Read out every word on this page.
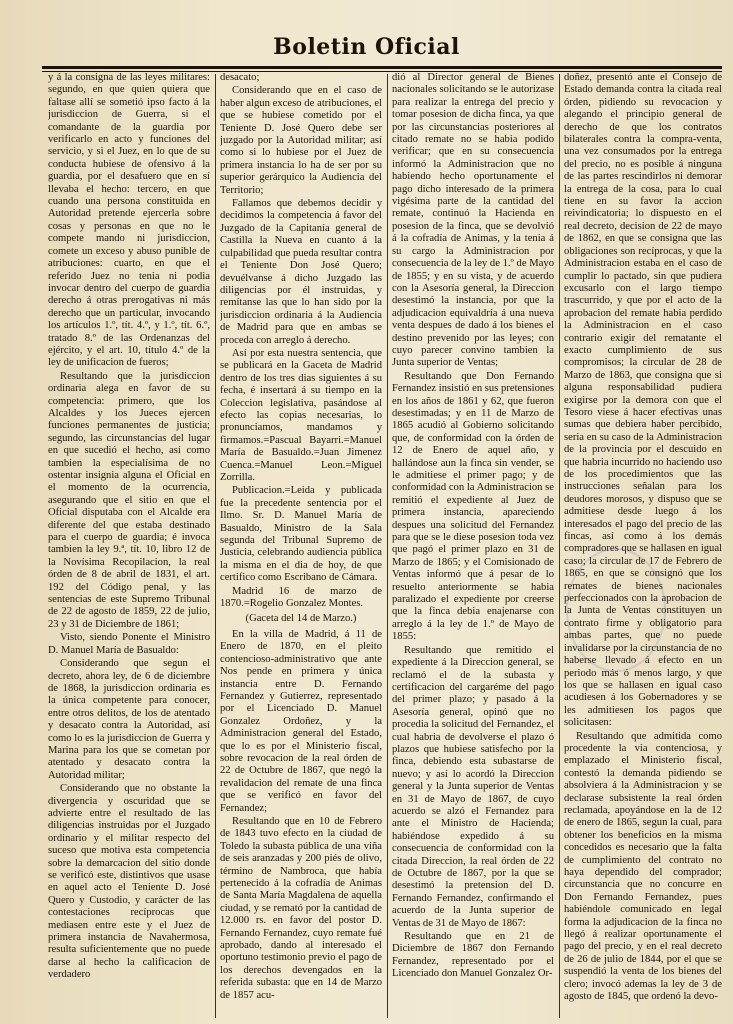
Boletin Oficial

y á la consigna de las leyes militares: segundo, en que quien quiera que faltase allí se sometió ipso facto á la jurisdiccion de Guerra, si el comandante de la guardia por verificarlo en acto y funciones del servicio, y si el Juez, en lo que de su conducta hubiese de ofensivo á la guardia, por el desafuero que en sí llevaba el hecho: tercero, en que cuando una persona constituida en Autoridad pretende ejercerla sobre cosas y personas en que no le compete mando ni jurisdiccion, comete un exceso y abuso punible de atribuciones: cuarto, en que el referido Juez no tenia ni podia invocar dentro del cuerpo de guardia derecho á otras prerogativas ni más derecho que un particular, invocando los artículos 1.º, tít. 4.º, y 1.º, tít. 6.º, tratado 8.º de las Ordenanzas del ejército, y el art. 10, título 4.º de la ley de unificacion de fueros;

Resultando que la jurisdiccion ordinaria alega en favor de su competencia: primero, que los Alcaldes y los Jueces ejercen funciones permanentes de justicia; segundo, las circunstancias del lugar en que sucedió el hecho, así como tambien la especialísima de no ostentar insignia alguna el Oficial en el momento de la ocurrencia, asegurando que el sitio en que el Oficial disputaba con el Alcalde era diferente del que estaba destinado para el cuerpo de guardia; é invoca tambien la ley 9.ª, tít. 10, libro 12 de la Novísima Recopilacion, la real órden de 8 de abril de 1831, el art. 192 del Código penal, y las sentencias de este Supremo Tribunal de 22 de agosto de 1859, 22 de julio, 23 y 31 de Diciembre de 1861;

Visto, siendo Ponente el Ministro D. Manuel María de Basualdo:

Considerando que segun el decreto, ahora ley, de 6 de diciembre de 1868, la jurisdiccion ordinaria es la única competente para conocer, entre otros delitos, de los de atentado y desacato contra la Autoridad, así como lo es la jurisdiccion de Guerra y Marina para los que se cometan por atentado y desacato contra la Autoridad militar;

Considerando que no obstante la divergencia y oscuridad que se advierte entre el resultado de las diligencias instruidas por el Juzgado ordinario y el militar respecto del suceso que motiva esta competencia sobre la demarcacion del sitio donde se verificó este, distintivos que usase en aquel acto el Teniente D. José Quero y Custodio, y carácter de las contestaciones recíprocas que mediasen entre este y el Juez de primera instancia de Navahermosa, resulta suficientemente que no puede darse al hecho la calificacion de verdadero

desacato;

Considerando que en el caso de haber algun exceso de atribuciones, el que se hubiese cometido por el Teniente D. José Quero debe ser juzgado por la Autoridad militar; así como si lo hubiese por el Juez de primera instancia lo ha de ser por su superior gerárquico la Audiencia del Territorio;

Fallamos que debemos decidir y decidimos la competencia á favor del Juzgado de la Capitanía general de Castilla la Nueva en cuanto á la culpabilidad que pueda resultar contra el Teniente Don José Quero; devuélvanse á dicho Juzgado las diligencias por él instruidas, y remítanse las que lo han sido por la jurisdiccion ordinaria á la Audiencia de Madrid para que en ambas se proceda con arreglo á derecho.

Así por esta nuestra sentencia, que se publicará en la Gaceta de Madrid dentro de los tres dias siguientes á su fecha, é insertará á su tiempo en la Coleccion legislativa, pasándose al efecto las copias necesarias, lo pronunciamos, mandamos y firmamos.=Pascual Bayarri.=Manuel María de Basualdo.=Juan Jimenez Cuenca.=Manuel Leon.=Miguel Zorrilla.

Publicacion.=Leida y publicada fue la precedente sentencia por el Ilmo. Sr. D. Manuel María de Basualdo, Ministro de la Sala segunda del Tribunal Supremo de Justicia, celebrando audiencia pública la misma en el dia de hoy, de que certifico como Escribano de Cámara.

Madrid 16 de marzo de 1870.=Rogelio Gonzalez Montes.

(Gaceta del 14 de Marzo.)

En la villa de Madrid, á 11 de Enero de 1870, en el pleito contencioso-administrativo que ante Nos pende en primera y única instancia entre D. Fernando Fernandez y Gutierrez, representado por el Licenciado D. Manuel Gonzalez Ordoñez, y la Administracion general del Estado, que lo es por el Ministerio fiscal, sobre revocacion de la real órden de 22 de Octubre de 1867, que negó la revalidacion del remate de una finca que se verificó en favor del Fernandez;

Resultando que en 10 de Febrero de 1843 tuvo efecto en la ciudad de Toledo la subasta pública de una viña de seis aranzadas y 200 piés de olivo, término de Nambroca, que había pertenecido á la cofradía de Animas de Santa María Magdalena de aquella ciudad, y se remató por la cantidad de 12.000 rs. en favor del postor D. Fernando Fernandez, cuyo remate fué aprobado, dando al interesado el oportuno testimonio previo el pago de los derechos devengados en la referida subasta: que en 14 de Marzo de 1857 acu-

dió al Director general de Bienes nacionales solicitando se le autorizase para realizar la entrega del precio y tomar posesion de dicha finca, ya que por las circunstancias posteriores al citado remate no se habia podido verificar; que en su consecuencia informó la Administracion que no habiendo hecho oportunamente el pago dicho interesado de la primera vigésima parte de la cantidad del remate, continuó la Hacienda en posesion de la finca, que se devolvió á la cofradía de Animas, y la tenia á su cargo la Administracion por consecuencia de la ley de 1.º de Mayo de 1855; y en su vista, y de acuerdo con la Asesoría general, la Direccion desestimó la instancia, por que la adjudicacion equivaldría á una nueva venta despues de dado á los bienes el destino prevenido por las leyes; con cuyo parecer convino tambien la Junta superior de Ventas;

Resultando que Don Fernando Fernandez insistió en sus pretensiones en los años de 1861 y 62, que fueron desestimadas; y en 11 de Marzo de 1865 acudió al Gobierno solicitando que, de conformidad con la órden de 12 de Enero de aquel año, y hallándose aun la finca sin vender, se le admitiese el primer pago; y de conformidad con la Administracion se remitió el expediente al Juez de primera instancia, apareciendo despues una solicitud del Fernandez para que se le diese posesion toda vez que pagó el primer plazo en 31 de Marzo de 1865; y el Comisionado de Ventas informó que á pesar de lo resuelto anteriormente se habia paralizado el expediente por creerse que la finca debia enajenarse con arreglo á la ley de 1.º de Mayo de 1855:

Resultando que remitido el expediente á la Direccion general, se reclamó el de la subasta y certificacion del cargaréme del pago del primer plazo; y pasado á la Asesoría general, opinó que no procedia la solicitud del Fernandez, el cual habria de devolverse el plazo ó plazos que hubiese satisfecho por la finca, debiendo esta subastarse de nuevo; y así lo acordó la Direccion general y la Junta superior de Ventas en 31 de Mayo de 1867, de cuyo acuerdo se alzó el Fernandez para ante el Ministro de Hacienda; habiéndose expedido á su consecuencia de conformidad con la citada Direccion, la real órden de 22 de Octubre de 1867, por la que se desestimó la pretension del D. Fernando Fernandez, confirmando el acuerdo de la Junta superior de Ventas de 31 de Mayo de 1867:

Resultando que en 21 de Diciembre de 1867 don Fernando Fernandez, representado por el Licenciado don Manuel Gonzalez Or-

doñez, presentó ante el Consejo de Estado demanda contra la citada real órden, pidiendo su revocacion y alegando el principio general de derecho de que los contratos bilaterales contra la compra-venta, una vez consumados por la entrega del precio, no es posible á ninguna de las partes rescindirlos ni demorar la entrega de la cosa, para lo cual tiene en su favor la accion reivindicatoria; lo dispuesto en el real decreto, decision de 22 de mayo de 1862, en que se consigna que las obligaciones son recíprocas, y que la Administracion estaba en el caso de cumplir lo pactado, sin que pudiera excusarlo con el largo tiempo trascurrido, y que por el acto de la aprobacion del remate habia perdido la Administracion en el caso contrario exigir del rematante el exacto cumplimiento de sus compromisos; la circular de 28 de Marzo de 1863, que consigna que si alguna responsabilidad pudiera exigirse por la demora con que el Tesoro viese á hacer efectivas unas sumas que debiera haber percibido, seria en su caso de la Administracion de la provincia por el descuido en que habria incurrido no haciendo uso de los procedimientos que las instrucciones señalan para los deudores morosos, y dispuso que se admitiese desde luego á los interesados el pago del precio de las fincas, así como á los demás compradores que se hallasen en igual caso; la circular de 17 de Febrero de 1865, en que se consignó que los remates de bienes nacionales perfeccionados con la aprobacion de la Junta de Ventas constituyen un contrato firme y obligatorio para ambas partes, que no puede invalidarse por la circunstancia de no haberse llevado á efecto en un periodo más ó menos largo, y que los que se hallasen en igual caso acudiesen á los Gobernadores y se les admitiesen los pagos que solicitasen:

Resultando que admitida como procedente la via contenciosa, y emplazado el Ministerio fiscal, contestó la demanda pidiendo se absolviera á la Administracion y se declarase subsistente la real órden reclamada, apoyándose en la de 12 de enero de 1865, segun la cual, para obtener los beneficios en la misma concedidos es necesario que la falta de cumplimiento del contrato no haya dependido del comprador; circunstancia que no concurre en Don Fernando Fernandez, pues habiéndole comunicado en legal forma la adjudicacion de la finca no llegó á realizar oportunamente el pago del precio, y en el real decreto de 26 de julio de 1844, por el que se suspendió la venta de los bienes del clero; invocó ademas la ley de 3 de agosto de 1845, que ordenó la devo-
